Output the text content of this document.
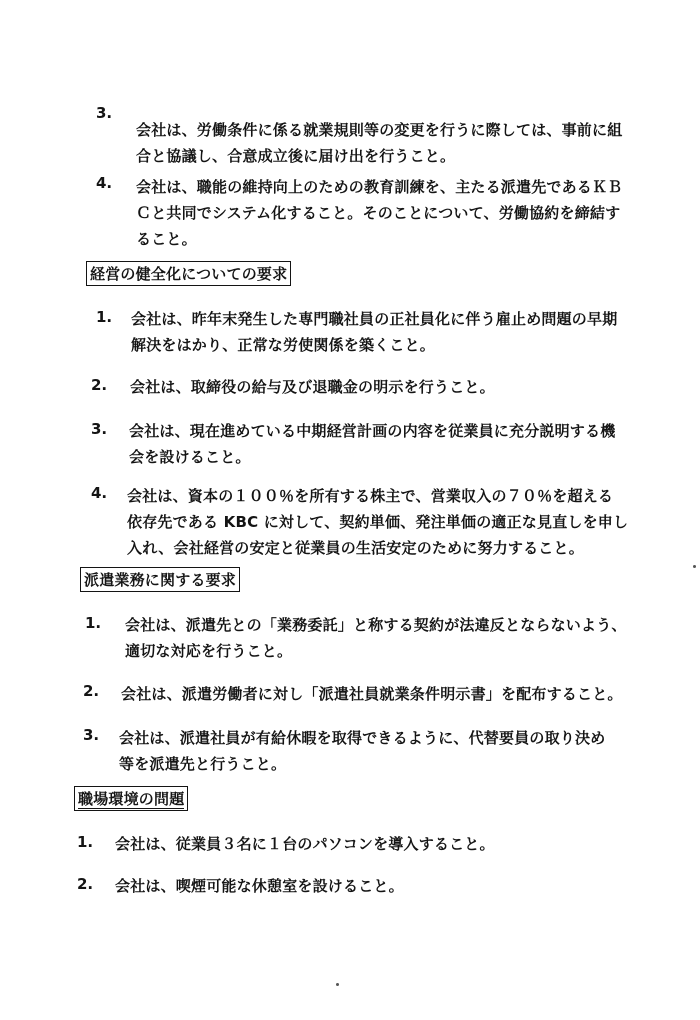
3.
会社は、労働条件に係る就業規則等の変更を行うに際しては、事前に組
合と協議し、合意成立後に届け出を行うこと。
4. 会社は、職能の維持向上のための教育訓練を、主たる派遣先であるＫＢ
Ｃと共同でシステム化すること。そのことについて、労働協約を締結す
ること。
経営の健全化についての要求
1. 会社は、昨年末発生した専門職社員の正社員化に伴う雇止め問題の早期
解決をはかり、正常な労使関係を築くこと。
2. 会社は、取締役の給与及び退職金の明示を行うこと。
3. 会社は、現在進めている中期経営計画の内容を従業員に充分説明する機
会を設けること。
4. 会社は、資本の１００％を所有する株主で、営業収入の７０％を超える
依存先である KBC に対して、契約単価、発注単価の適正な見直しを申し
入れ、会社経営の安定と従業員の生活安定のために努力すること。
派遣業務に関する要求
1. 会社は、派遣先との「業務委託」と称する契約が法違反とならないよう、
適切な対応を行うこと。
2. 会社は、派遣労働者に対し「派遣社員就業条件明示書」を配布すること。
3. 会社は、派遣社員が有給休暇を取得できるように、代替要員の取り決め
等を派遣先と行うこと。
職場環境の問題
1. 会社は、従業員３名に１台のパソコンを導入すること。
2. 会社は、喫煙可能な休憩室を設けること。
